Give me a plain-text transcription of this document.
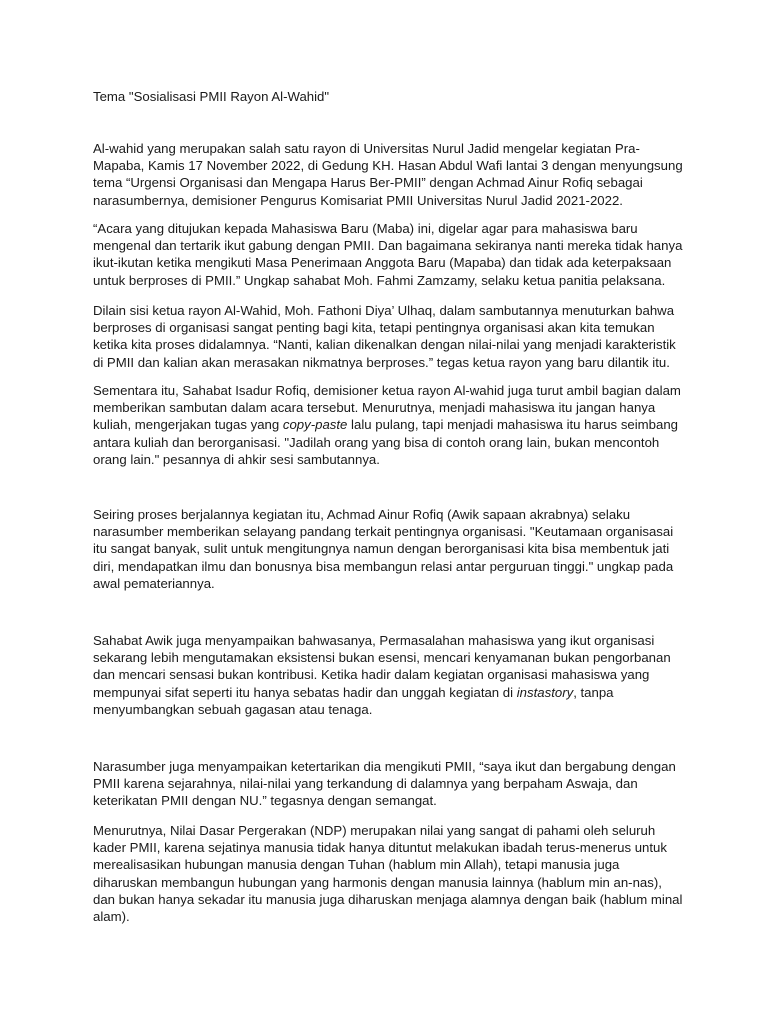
Tema "Sosialisasi PMII Rayon Al-Wahid"

Al-wahid yang merupakan salah satu rayon di Universitas Nurul Jadid mengelar kegiatan Pra-
Mapaba, Kamis 17 November 2022, di Gedung KH. Hasan Abdul Wafi lantai 3 dengan menyungsung
tema “Urgensi Organisasi dan Mengapa Harus Ber-PMII” dengan Achmad Ainur Rofiq sebagai
narasumbernya, demisioner Pengurus Komisariat PMII Universitas Nurul Jadid 2021-2022.
“Acara yang ditujukan kepada Mahasiswa Baru (Maba) ini, digelar agar para mahasiswa baru
mengenal dan tertarik ikut gabung dengan PMII. Dan bagaimana sekiranya nanti mereka tidak hanya
ikut-ikutan ketika mengikuti Masa Penerimaan Anggota Baru (Mapaba) dan tidak ada keterpaksaan
untuk berproses di PMII.” Ungkap sahabat Moh. Fahmi Zamzamy, selaku ketua panitia pelaksana.
Dilain sisi ketua rayon Al-Wahid, Moh. Fathoni Diya’ Ulhaq, dalam sambutannya menuturkan bahwa
berproses di organisasi sangat penting bagi kita, tetapi pentingnya organisasi akan kita temukan
ketika kita proses didalamnya. “Nanti, kalian dikenalkan dengan nilai-nilai yang menjadi karakteristik
di PMII dan kalian akan merasakan nikmatnya berproses.” tegas ketua rayon yang baru dilantik itu.
Sementara itu, Sahabat Isadur Rofiq, demisioner ketua rayon Al-wahid juga turut ambil bagian dalam
memberikan sambutan dalam acara tersebut. Menurutnya, menjadi mahasiswa itu jangan hanya
kuliah, mengerjakan tugas yang copy-paste lalu pulang, tapi menjadi mahasiswa itu harus seimbang
antara kuliah dan berorganisasi. "Jadilah orang yang bisa di contoh orang lain, bukan mencontoh
orang lain." pesannya di ahkir sesi sambutannya.
Seiring proses berjalannya kegiatan itu, Achmad Ainur Rofiq (Awik sapaan akrabnya) selaku
narasumber memberikan selayang pandang terkait pentingnya organisasi. "Keutamaan organisasai
itu sangat banyak, sulit untuk mengitungnya namun dengan berorganisasi kita bisa membentuk jati
diri, mendapatkan ilmu dan bonusnya bisa membangun relasi antar perguruan tinggi." ungkap pada
awal pemateriannya.
Sahabat Awik juga menyampaikan bahwasanya, Permasalahan mahasiswa yang ikut organisasi
sekarang lebih mengutamakan eksistensi bukan esensi, mencari kenyamanan bukan pengorbanan
dan mencari sensasi bukan kontribusi. Ketika hadir dalam kegiatan organisasi mahasiswa yang
mempunyai sifat seperti itu hanya sebatas hadir dan unggah kegiatan di instastory, tanpa
menyumbangkan sebuah gagasan atau tenaga.
Narasumber juga menyampaikan ketertarikan dia mengikuti PMII, “saya ikut dan bergabung dengan
PMII karena sejarahnya, nilai-nilai yang terkandung di dalamnya yang berpaham Aswaja, dan
keterikatan PMII dengan NU.” tegasnya dengan semangat.
Menurutnya, Nilai Dasar Pergerakan (NDP) merupakan nilai yang sangat di pahami oleh seluruh
kader PMII, karena sejatinya manusia tidak hanya dituntut melakukan ibadah terus-menerus untuk
merealisasikan hubungan manusia dengan Tuhan (hablum min Allah), tetapi manusia juga
diharuskan membangun hubungan yang harmonis dengan manusia lainnya (hablum min an-nas),
dan bukan hanya sekadar itu manusia juga diharuskan menjaga alamnya dengan baik (hablum minal
alam).
